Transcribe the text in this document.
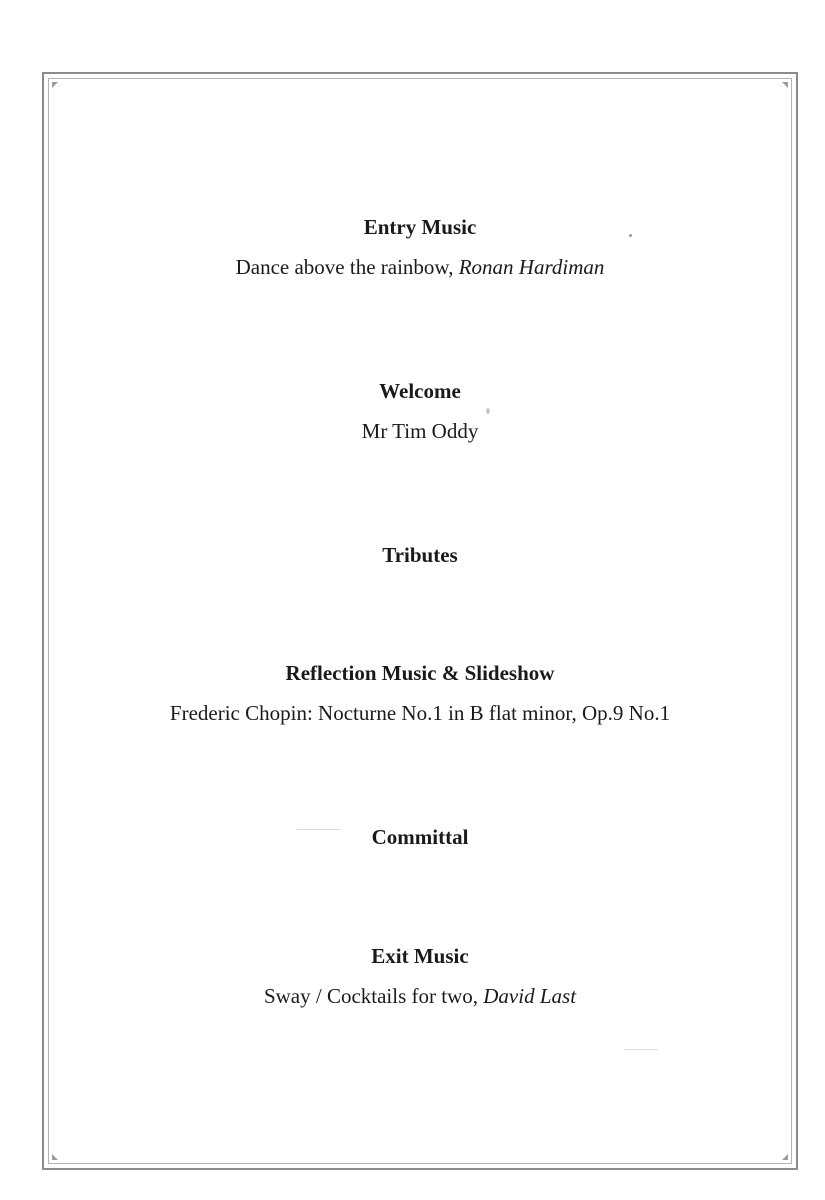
Entry Music

Dance above the rainbow, Ronan Hardiman

Welcome

Mr Tim Oddy

Tributes

Reflection Music & Slideshow

Frederic Chopin: Nocturne No.1 in B flat minor, Op.9 No.1

Committal

Exit Music

Sway / Cocktails for two, David Last
